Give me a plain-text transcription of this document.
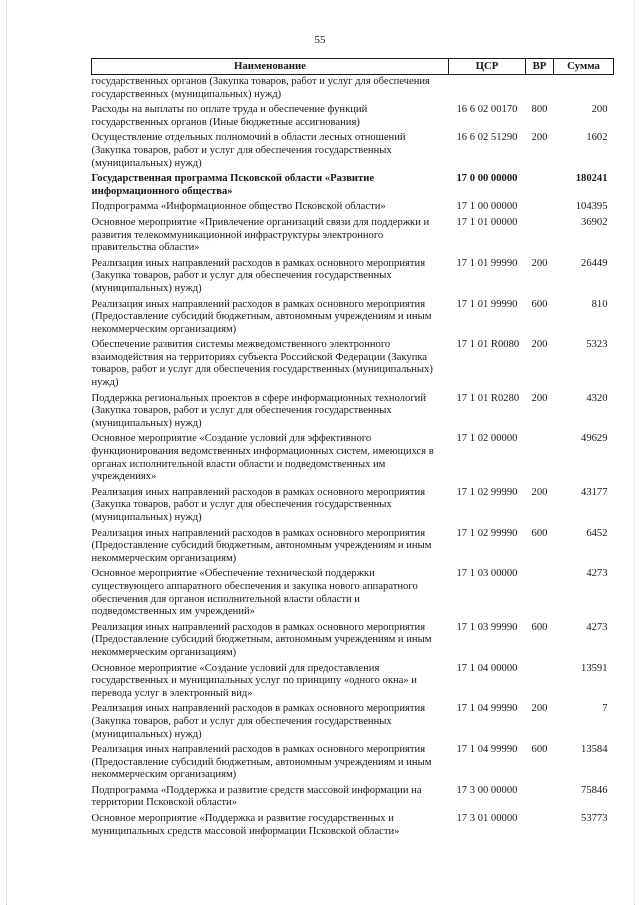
55
Наименование	ЦСР	ВР	Сумма
государственных органов (Закупка товаров, работ и услуг для обеспечения государственных (муниципальных) нужд)			
Расходы на выплаты по оплате труда и обеспечение функций государственных органов (Иные бюджетные ассигнования)	16 6 02 00170	800	200
Осуществление отдельных полномочий в области лесных отношений (Закупка товаров, работ и услуг для обеспечения государственных (муниципальных) нужд)	16 6 02 51290	200	1602
Государственная программа Псковской области «Развитие информационного общества»	17 0 00 00000		180241
Подпрограмма «Информационное общество Псковской области»	17 1 00 00000		104395
Основное мероприятие «Привлечение организаций связи для поддержки и развития телекоммуникационной инфраструктуры электронного правительства области»	17 1 01 00000		36902
Реализация иных направлений расходов в рамках основного мероприятия (Закупка товаров, работ и услуг для обеспечения государственных (муниципальных) нужд)	17 1 01 99990	200	26449
Реализация иных направлений расходов в рамках основного мероприятия (Предоставление субсидий бюджетным, автономным учреждениям и иным некоммерческим организациям)	17 1 01 99990	600	810
Обеспечение развития системы межведомственного электронного взаимодействия на территориях субъекта Российской Федерации (Закупка товаров, работ и услуг для обеспечения государственных (муниципальных) нужд)	17 1 01 R0080	200	5323
Поддержка региональных проектов в сфере информационных технологий (Закупка товаров, работ и услуг для обеспечения государственных (муниципальных) нужд)	17 1 01 R0280	200	4320
Основное мероприятие «Создание условий для эффективного функционирования ведомственных информационных систем, имеющихся в органах исполнительной власти области и подведомственных им учреждениях»	17 1 02 00000		49629
Реализация иных направлений расходов в рамках основного мероприятия (Закупка товаров, работ и услуг для обеспечения государственных (муниципальных) нужд)	17 1 02 99990	200	43177
Реализация иных направлений расходов в рамках основного мероприятия (Предоставление субсидий бюджетным, автономным учреждениям и иным некоммерческим организациям)	17 1 02 99990	600	6452
Основное мероприятие «Обеспечение технической поддержки существующего аппаратного обеспечения и закупка нового аппаратного обеспечения для органов исполнительной власти области и подведомственных им учреждений»	17 1 03 00000		4273
Реализация иных направлений расходов в рамках основного мероприятия (Предоставление субсидий бюджетным, автономным учреждениям и иным некоммерческим организациям)	17 1 03 99990	600	4273
Основное мероприятие «Создание условий для предоставления государственных и муниципальных услуг по принципу «одного окна» и перевода услуг в электронный вид»	17 1 04 00000		13591
Реализация иных направлений расходов в рамках основного мероприятия (Закупка товаров, работ и услуг для обеспечения государственных (муниципальных) нужд)	17 1 04 99990	200	7
Реализация иных направлений расходов в рамках основного мероприятия (Предоставление субсидий бюджетным, автономным учреждениям и иным некоммерческим организациям)	17 1 04 99990	600	13584
Подпрограмма «Поддержка и развитие средств массовой информации на территории Псковской области»	17 3 00 00000		75846
Основное мероприятие «Поддержка и развитие государственных и муниципальных средств массовой информации Псковской области»	17 3 01 00000		53773
